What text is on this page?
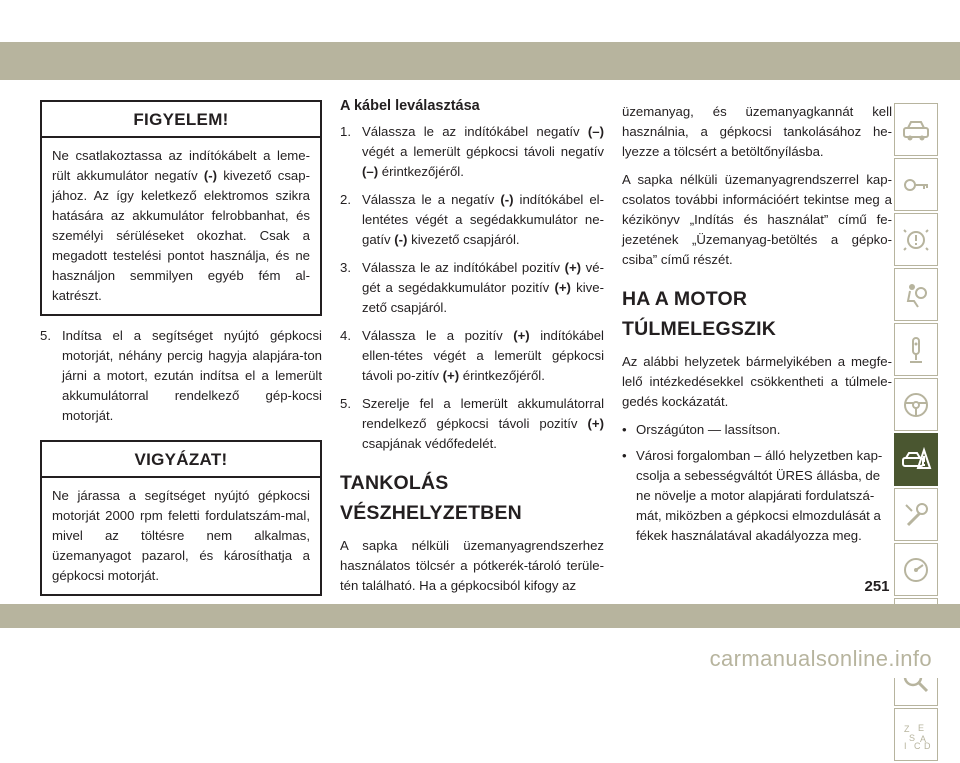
FIGYELEM!
Ne csatlakoztassa az indítókábelt a leme-rült akkumulátor negatív (-) kivezető csap-jához. Az így keletkező elektromos szikra hatására az akkumulátor felrobbanhat, és személyi sérüléseket okozhat. Csak a megadott testelési pontot használja, és ne használjon semmilyen egyéb fém al-katrészt.
5. Indítsa el a segítséget nyújtó gépkocsi motorját, néhány percig hagyja alapjára-ton járni a motort, ezután indítsa el a lemerült akkumulátorral rendelkező gép-kocsi motorját.
VIGYÁZAT!
Ne járassa a segítséget nyújtó gépkocsi motorját 2000 rpm feletti fordulatszám-mal, mivel az töltésre nem alkalmas, üzemanyagot pazarol, és károsíthatja a gépkocsi motorját.
A kábel leválasztása
1. Válassza le az indítókábel negatív (–) végét a lemerült gépkocsi távoli negatív (–) érintkezőjéről.
2. Válassza le a negatív (-) indítókábel el-lentétes végét a segédakkumulátor ne-gatív (-) kivezető csapjáról.
3. Válassza le az indítókábel pozitív (+) vé-gét a segédakkumulátor pozitív (+) kive-zető csapjáról.
4. Válassza le a pozitív (+) indítókábel ellen-tétes végét a lemerült gépkocsi távoli po-zitív (+) érintkezőjéről.
5. Szerelje fel a lemerült akkumulátorral rendelkező gépkocsi távoli pozitív (+) csapjának védőfedelét.
TANKOLÁS
VÉSZHELYZETBEN
A sapka nélküli üzemanyagrendszerhez használatos tölcsér a pótkerék-tároló terüle-tén található. Ha a gépkocsiból kifogy az
üzemanyag, és üzemanyagkannát kell használnia, a gépkocsi tankolásához he-lyezze a tölcsért a betöltőnyílásba.
A sapka nélküli üzemanyagrendszerrel kap-csolatos további információért tekintse meg a kézikönyv „Indítás és használat” című fe-jezetének „Üzemanyag-betöltés a gépko-csiba” című részét.
HA A MOTOR
TÚLMELEGSZIK
Az alábbi helyzetek bármelyikében a megfe-lelő intézkedésekkel csökkentheti a túlmele-gedés kockázatát.
• Országúton — lassítson.
• Városi forgalomban – álló helyzetben kap-csolja a sebességváltót ÜRES állásba, de ne növelje a motor alapjárati fordulatszá-mát, miközben a gépkocsi elmozdulását a fékek használatával akadályozza meg.
Z E
S A
I C D
251
carmanualsonline.info
